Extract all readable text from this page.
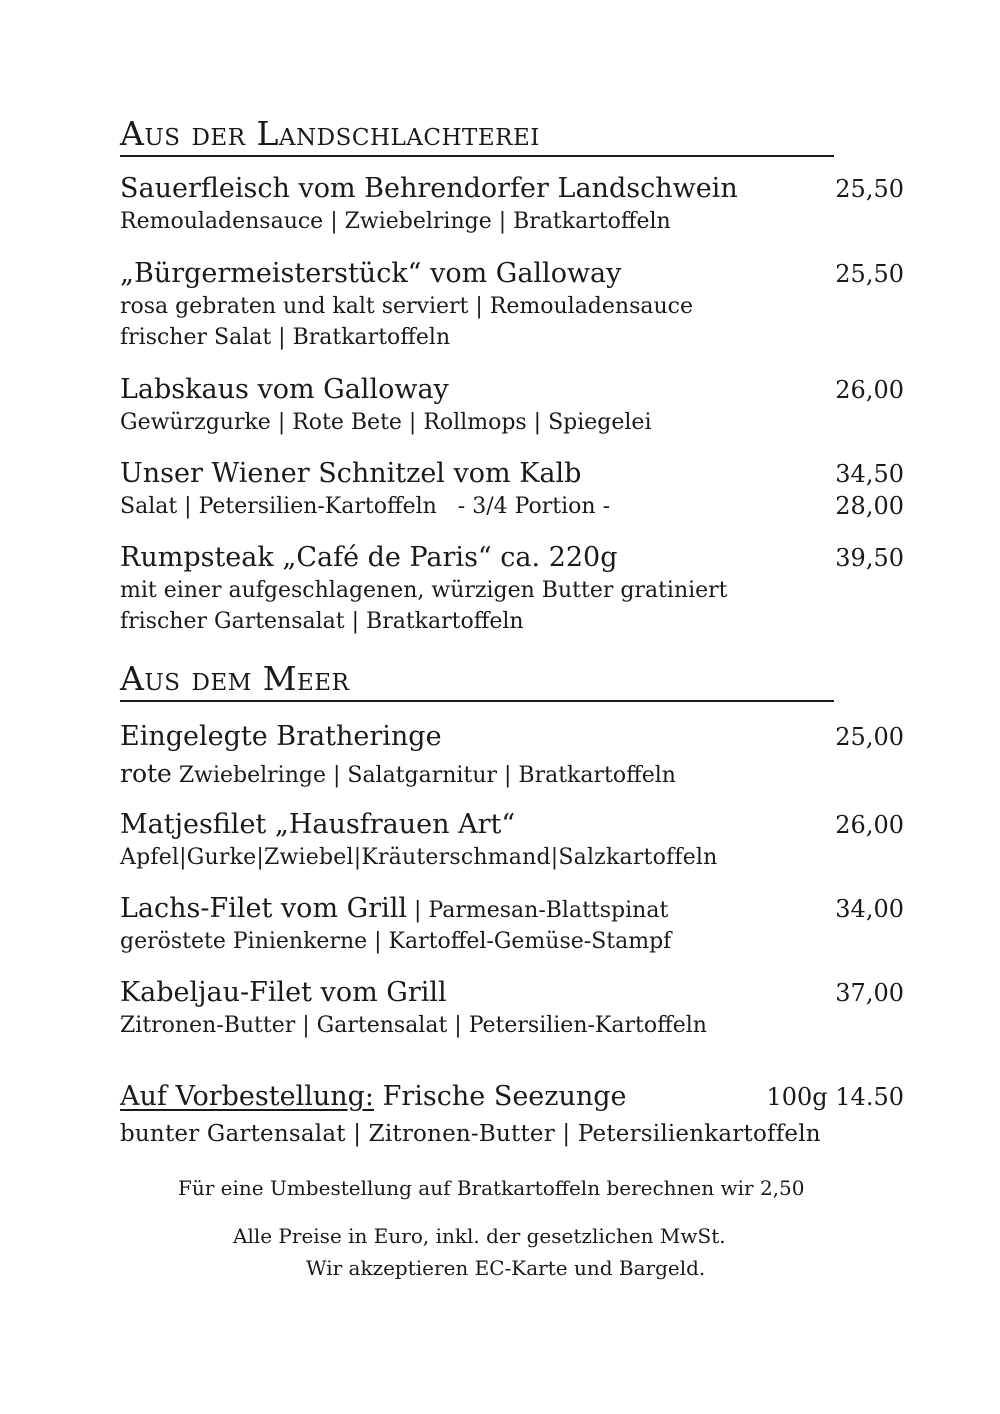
Aus der Landschlachterei
Sauerfleisch vom Behrendorfer Landschwein	25,50
Remouladensauce | Zwiebelringe | Bratkartoffeln
„Bürgermeisterstück“ vom Galloway	25,50
rosa gebraten und kalt serviert | Remouladensauce
frischer Salat | Bratkartoffeln
Labskaus vom Galloway	26,00
Gewürzgurke | Rote Bete | Rollmops | Spiegelei
Unser Wiener Schnitzel vom Kalb	34,50
Salat | Petersilien-Kartoffeln   - 3/4 Portion -	28,00
Rumpsteak „Café de Paris“ ca. 220g	39,50
mit einer aufgeschlagenen, würzigen Butter gratiniert
frischer Gartensalat | Bratkartoffeln
Aus dem Meer
Eingelegte Bratheringe	25,00
rote Zwiebelringe | Salatgarnitur | Bratkartoffeln
Matjesfilet „Hausfrauen Art“	26,00
Apfel|Gurke|Zwiebel|Kräuterschmand|Salzkartoffeln
Lachs-Filet vom Grill | Parmesan-Blattspinat	34,00
geröstete Pinienkerne | Kartoffel-Gemüse-Stampf
Kabeljau-Filet vom Grill	37,00
Zitronen-Butter | Gartensalat | Petersilien-Kartoffeln
Auf Vorbestellung: Frische Seezunge	100g 14.50
bunter Gartensalat | Zitronen-Butter | Petersilienkartoffeln
Für eine Umbestellung auf Bratkartoffeln berechnen wir 2,50
Alle Preise in Euro, inkl. der gesetzlichen MwSt.
Wir akzeptieren EC-Karte und Bargeld.
